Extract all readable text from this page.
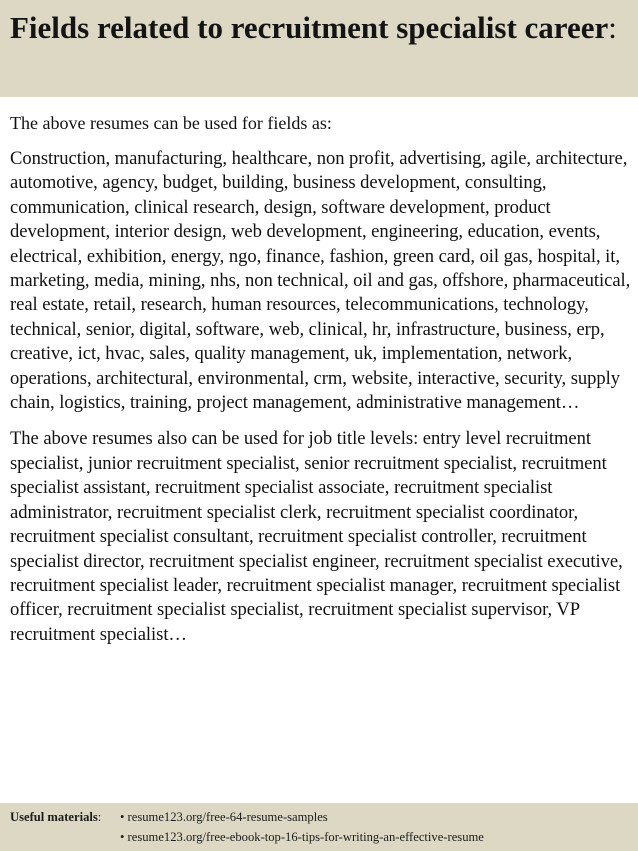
Fields related to recruitment specialist career:

The above resumes can be used for fields as:

Construction, manufacturing, healthcare, non profit, advertising, agile, architecture, automotive, agency, budget, building, business development, consulting, communication, clinical research, design, software development, product development, interior design, web development, engineering, education, events, electrical, exhibition, energy, ngo, finance, fashion, green card, oil gas, hospital, it, marketing, media, mining, nhs, non technical, oil and gas, offshore, pharmaceutical, real estate, retail, research, human resources, telecommunications, technology, technical, senior, digital, software, web, clinical, hr, infrastructure, business, erp, creative, ict, hvac, sales, quality management, uk, implementation, network, operations, architectural, environmental, crm, website, interactive, security, supply chain, logistics, training, project management, administrative management…

The above resumes also can be used for job title levels: entry level recruitment specialist, junior recruitment specialist, senior recruitment specialist, recruitment specialist assistant, recruitment specialist associate, recruitment specialist administrator, recruitment specialist clerk, recruitment specialist coordinator, recruitment specialist consultant, recruitment specialist controller, recruitment specialist director, recruitment specialist engineer, recruitment specialist executive, recruitment specialist leader, recruitment specialist manager, recruitment specialist officer, recruitment specialist specialist, recruitment specialist supervisor, VP recruitment specialist…

Useful materials:	• resume123.org/free-64-resume-samples
• resume123.org/free-ebook-top-16-tips-for-writing-an-effective-resume
